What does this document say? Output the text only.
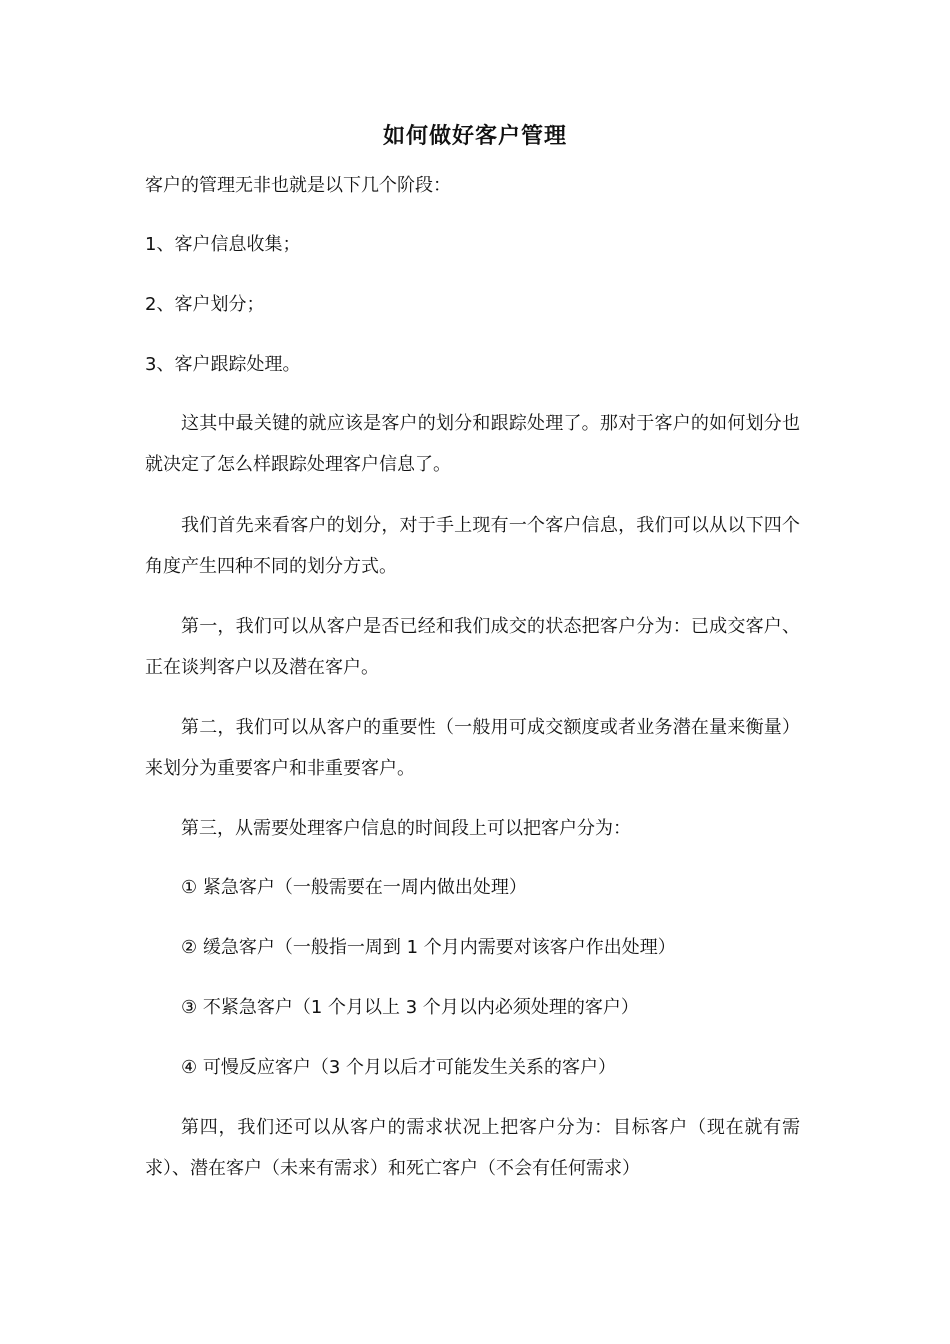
如何做好客户管理
客户的管理无非也就是以下几个阶段：
1、客户信息收集；
2、客户划分；
3、客户跟踪处理。
这其中最关键的就应该是客户的划分和跟踪处理了。那对于客户的如何划分也就决定了怎么样跟踪处理客户信息了。
我们首先来看客户的划分，对于手上现有一个客户信息，我们可以从以下四个角度产生四种不同的划分方式。
第一，我们可以从客户是否已经和我们成交的状态把客户分为：已成交客户、正在谈判客户以及潜在客户。
第二，我们可以从客户的重要性（一般用可成交额度或者业务潜在量来衡量）来划分为重要客户和非重要客户。
第三，从需要处理客户信息的时间段上可以把客户分为：
① 紧急客户（一般需要在一周内做出处理）
② 缓急客户（一般指一周到 1 个月内需要对该客户作出处理）
③ 不紧急客户（1 个月以上 3 个月以内必须处理的客户）
④ 可慢反应客户（3 个月以后才可能发生关系的客户）
第四，我们还可以从客户的需求状况上把客户分为：目标客户（现在就有需求）、潜在客户（未来有需求）和死亡客户（不会有任何需求）
